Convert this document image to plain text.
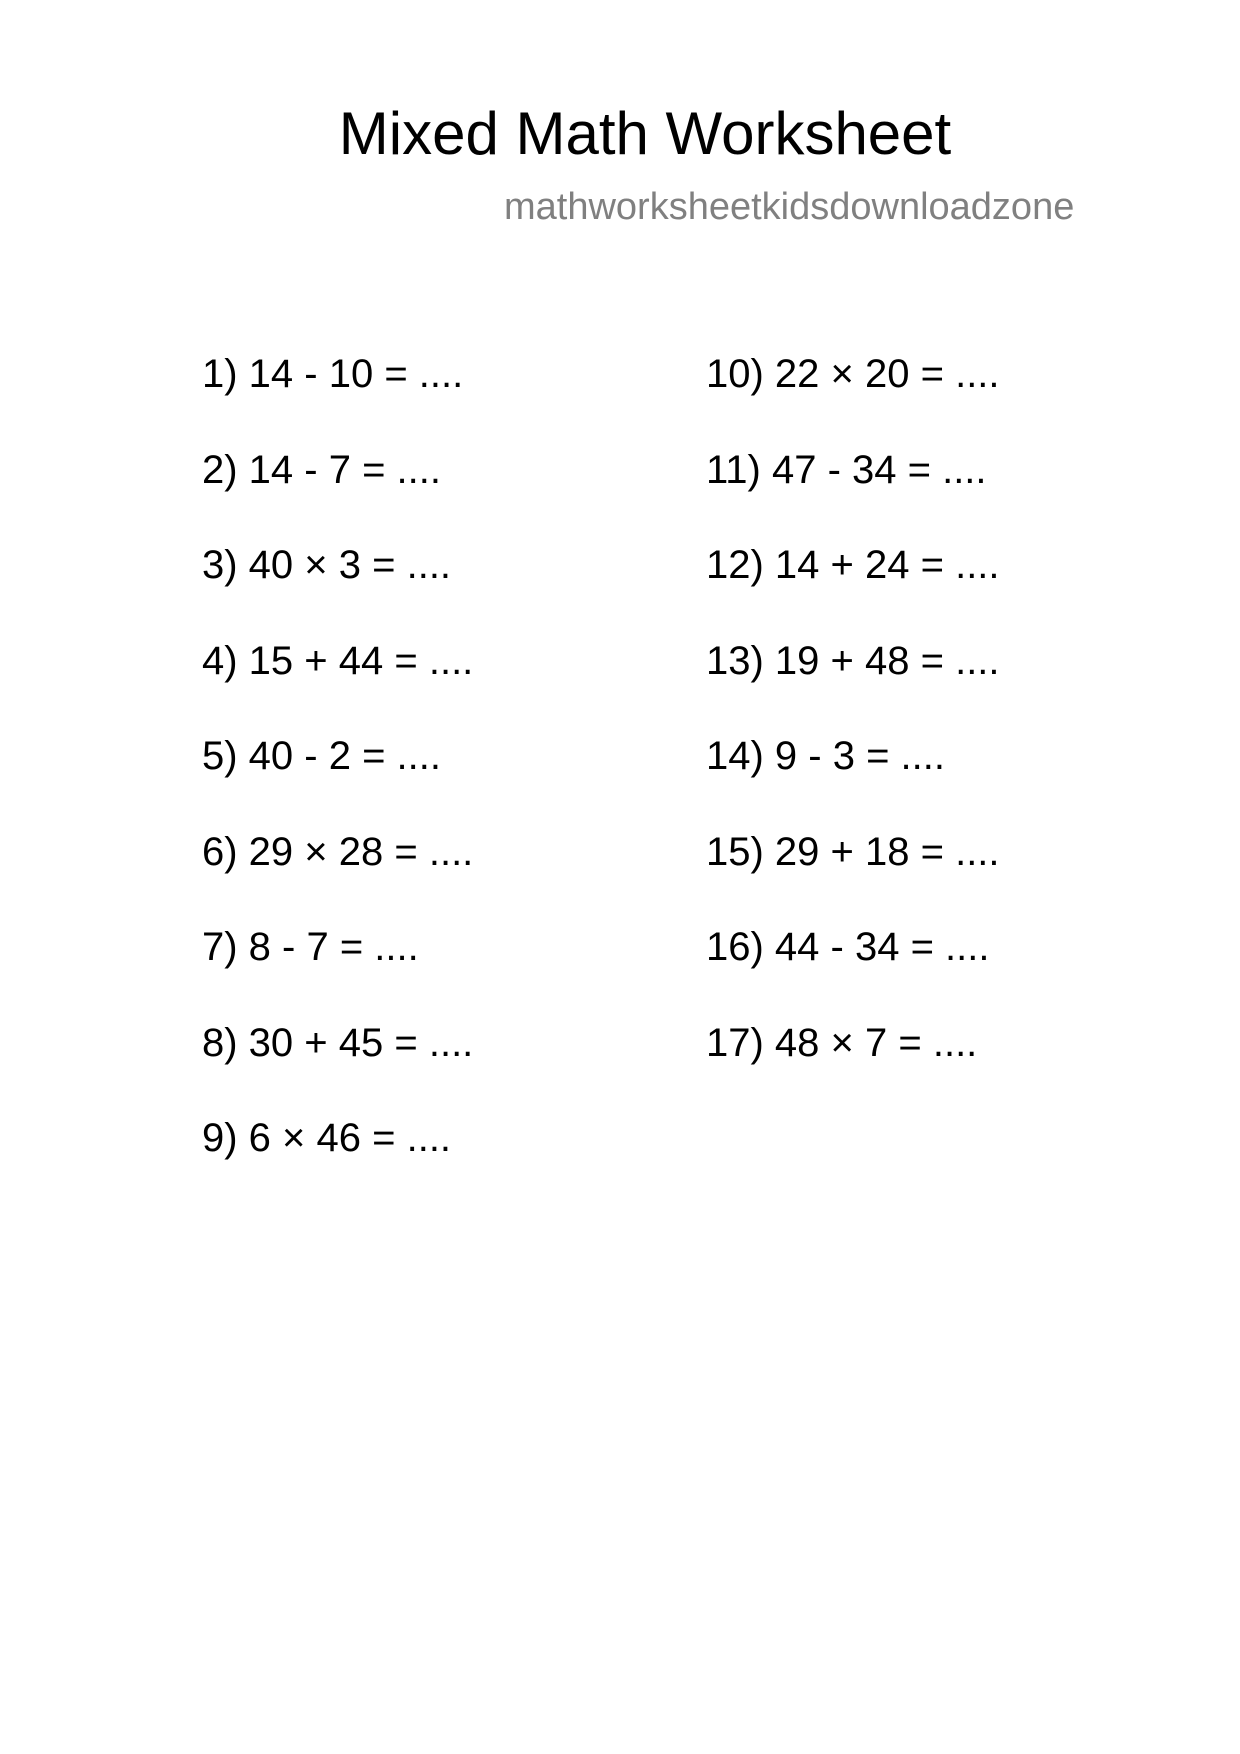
Mixed Math Worksheet
mathworksheetkidsdownloadzone
1) 14 - 10 = ....
2) 14 - 7 = ....
3) 40 × 3 = ....
4) 15 + 44 = ....
5) 40 - 2 = ....
6) 29 × 28 = ....
7) 8 - 7 = ....
8) 30 + 45 = ....
9) 6 × 46 = ....
10) 22 × 20 = ....
11) 47 - 34 = ....
12) 14 + 24 = ....
13) 19 + 48 = ....
14) 9 - 3 = ....
15) 29 + 18 = ....
16) 44 - 34 = ....
17) 48 × 7 = ....
